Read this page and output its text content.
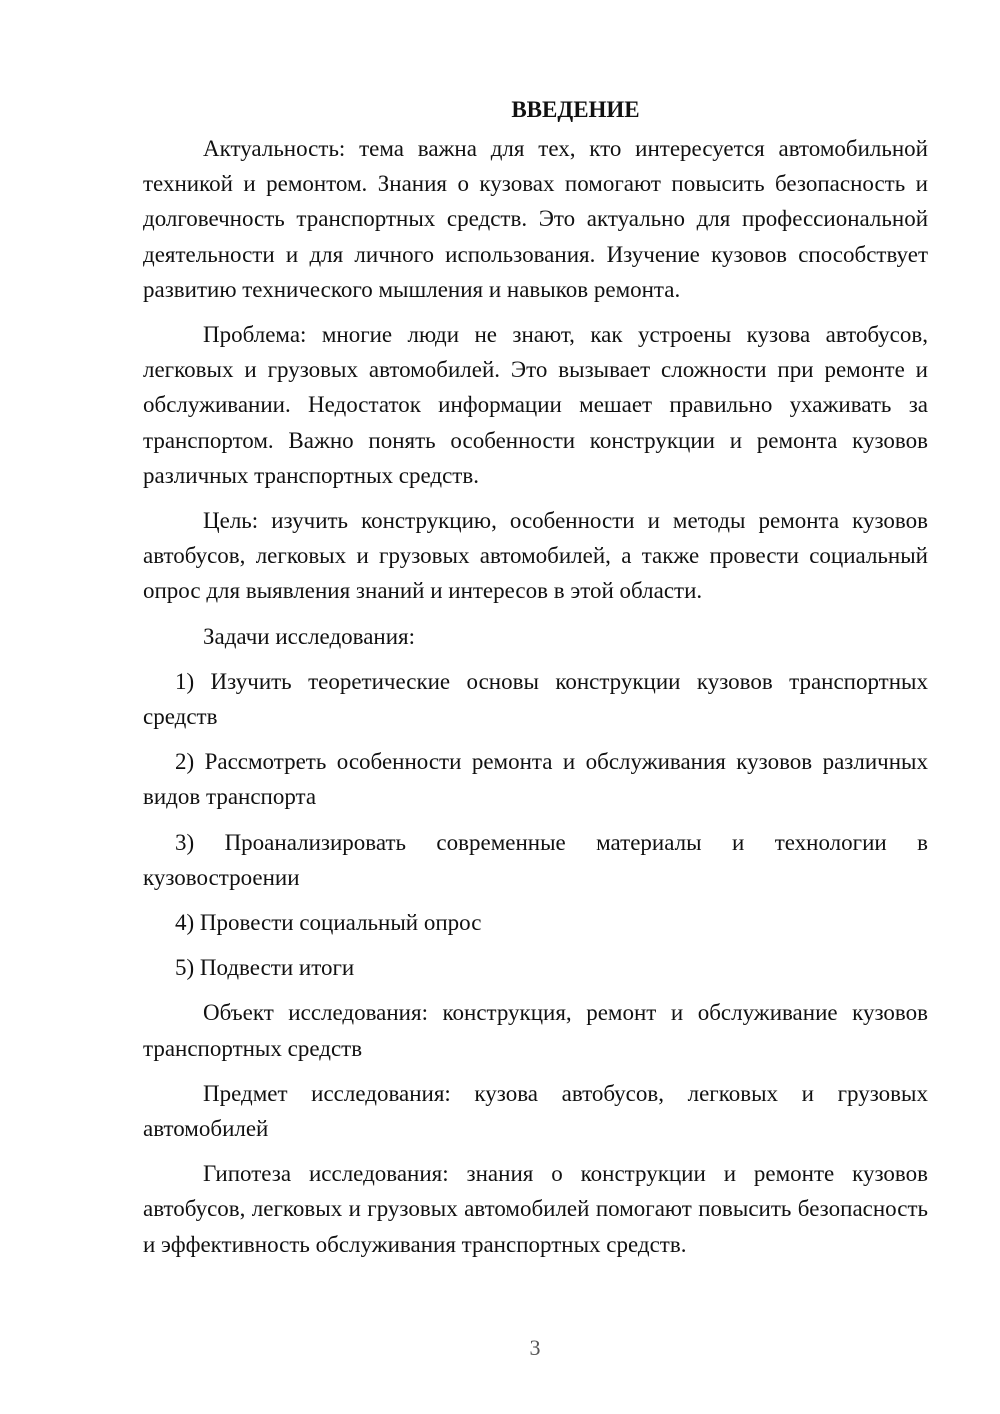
ВВЕДЕНИЕ

Актуальность: тема важна для тех, кто интересуется автомобильной техникой и ремонтом. Знания о кузовах помогают повысить безопасность и долговечность транспортных средств. Это актуально для профессиональной деятельности и для личного использования. Изучение кузовов способствует развитию технического мышления и навыков ремонта.

Проблема: многие люди не знают, как устроены кузова автобусов, легковых и грузовых автомобилей. Это вызывает сложности при ремонте и обслуживании. Недостаток информации мешает правильно ухаживать за транспортом. Важно понять особенности конструкции и ремонта кузовов различных транспортных средств.

Цель: изучить конструкцию, особенности и методы ремонта кузовов автобусов, легковых и грузовых автомобилей, а также провести социальный опрос для выявления знаний и интересов в этой области.

Задачи исследования:

1) Изучить теоретические основы конструкции кузовов транспортных средств

2) Рассмотреть особенности ремонта и обслуживания кузовов различных видов транспорта

3) Проанализировать современные материалы и технологии в кузовостроении

4) Провести социальный опрос

5) Подвести итоги

Объект исследования: конструкция, ремонт и обслуживание кузовов транспортных средств

Предмет исследования: кузова автобусов, легковых и грузовых автомобилей

Гипотеза исследования: знания о конструкции и ремонте кузовов автобусов, легковых и грузовых автомобилей помогают повысить безопасность и эффективность обслуживания транспортных средств.

3
